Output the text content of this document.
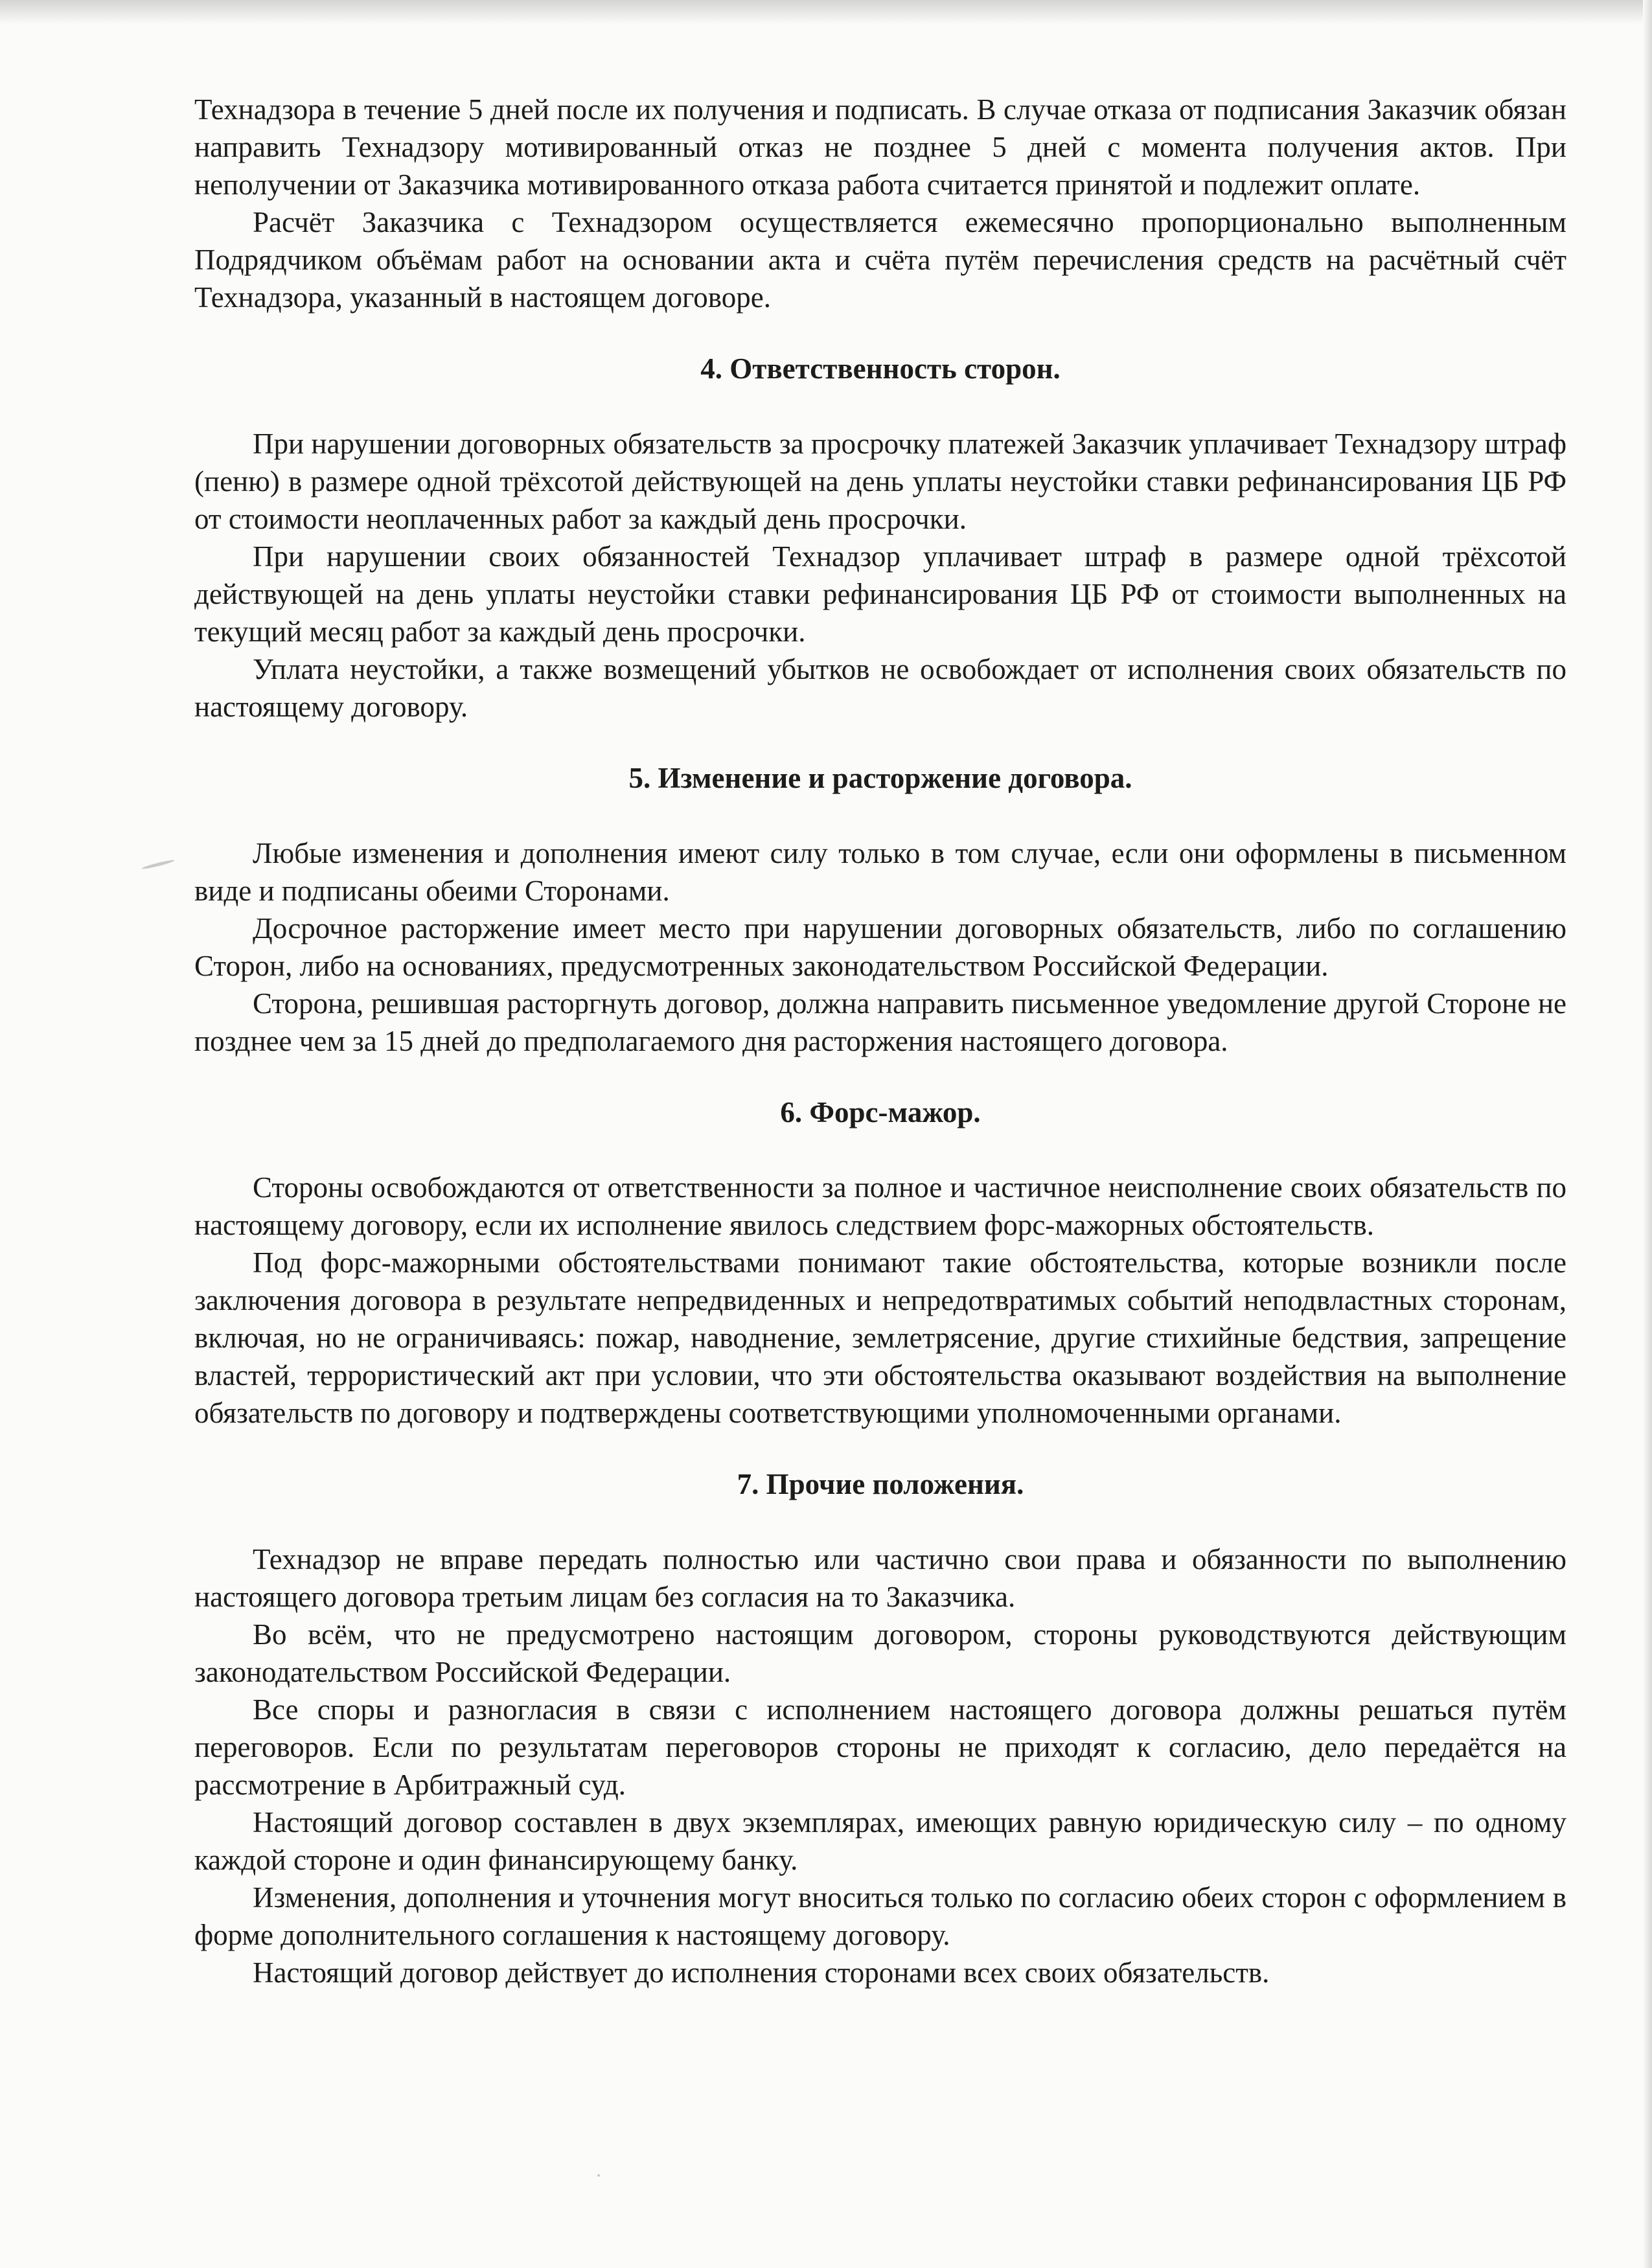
Технадзора в течение 5 дней после их получения и подписать. В случае отказа от подписания Заказчик обязан направить Технадзору мотивированный отказ не позднее 5 дней с момента получения актов. При неполучении от Заказчика мотивированного отказа работа считается принятой и подлежит оплате.

Расчёт Заказчика с Технадзором осуществляется ежемесячно пропорционально выполненным Подрядчиком объёмам работ на основании акта и счёта путём перечисления средств на расчётный счёт Технадзора, указанный в настоящем договоре.

4. Ответственность сторон.

При нарушении договорных обязательств за просрочку платежей Заказчик уплачивает Технадзору штраф (пеню) в размере одной трёхсотой действующей на день уплаты неустойки ставки рефинансирования ЦБ РФ от стоимости неоплаченных работ за каждый день просрочки.

При нарушении своих обязанностей Технадзор уплачивает штраф в размере одной трёхсотой действующей на день уплаты неустойки ставки рефинансирования ЦБ РФ от стоимости выполненных на текущий месяц работ за каждый день просрочки.

Уплата неустойки, а также возмещений убытков не освобождает от исполнения своих обязательств по настоящему договору.

5. Изменение и расторжение договора.

Любые изменения и дополнения имеют силу только в том случае, если они оформлены в письменном виде и подписаны обеими Сторонами.

Досрочное расторжение имеет место при нарушении договорных обязательств, либо по соглашению Сторон, либо на основаниях, предусмотренных законодательством Российской Федерации.

Сторона, решившая расторгнуть договор, должна направить письменное уведомление другой Стороне не позднее чем за 15 дней до предполагаемого дня расторжения настоящего договора.

6. Форс-мажор.

Стороны освобождаются от ответственности за полное и частичное неисполнение своих обязательств по настоящему договору, если их исполнение явилось следствием форс-мажорных обстоятельств.

Под форс-мажорными обстоятельствами понимают такие обстоятельства, которые возникли после заключения договора в результате непредвиденных и непредотвратимых событий неподвластных сторонам, включая, но не ограничиваясь: пожар, наводнение, землетрясение, другие стихийные бедствия, запрещение властей, террористический акт при условии, что эти обстоятельства оказывают воздействия на выполнение обязательств по договору и подтверждены соответствующими уполномоченными органами.

7. Прочие положения.

Технадзор не вправе передать полностью или частично свои права и обязанности по выполнению настоящего договора третьим лицам без согласия на то Заказчика.

Во всём, что не предусмотрено настоящим договором, стороны руководствуются действующим законодательством Российской Федерации.

Все споры и разногласия в связи с исполнением настоящего договора должны решаться путём переговоров. Если по результатам переговоров стороны не приходят к согласию, дело передаётся на рассмотрение в Арбитражный суд.

Настоящий договор составлен в двух экземплярах, имеющих равную юридическую силу – по одному каждой стороне и один финансирующему банку.

Изменения, дополнения и уточнения могут вноситься только по согласию обеих сторон с оформлением в форме дополнительного соглашения к настоящему договору.

Настоящий договор действует до исполнения сторонами всех своих обязательств.
